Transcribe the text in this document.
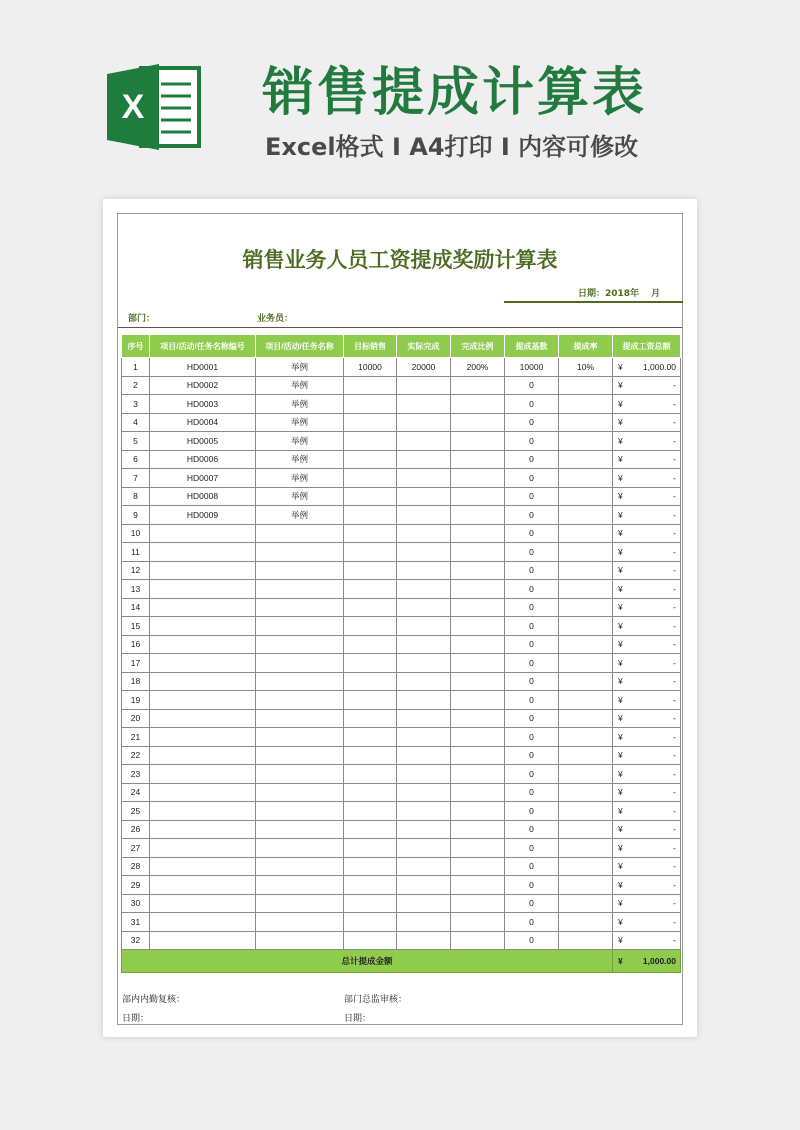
X 销售提成计算表
Excel格式 Ⅰ A4打印 Ⅰ 内容可修改
销售业务人员工资提成奖励计算表
日期：2018年　 月
部门：	业务员：
序号	项目/活动/任务名称编号	项目/活动/任务名称	目标销售	实际完成	完成比例	提成基数	提成率	提成工资总额
1	HD0001	举例	10000	20000	200%	10000	10%	¥ 1,000.00
2	HD0002	举例				0		¥ -
3	HD0003	举例				0		¥ -
4	HD0004	举例				0		¥ -
5	HD0005	举例				0		¥ -
6	HD0006	举例				0		¥ -
7	HD0007	举例				0		¥ -
8	HD0008	举例				0		¥ -
9	HD0009	举例				0		¥ -
10						0		¥ -
11						0		¥ -
12						0		¥ -
13						0		¥ -
14						0		¥ -
15						0		¥ -
16						0		¥ -
17						0		¥ -
18						0		¥ -
19						0		¥ -
20						0		¥ -
21						0		¥ -
22						0		¥ -
23						0		¥ -
24						0		¥ -
25						0		¥ -
26						0		¥ -
27						0		¥ -
28						0		¥ -
29						0		¥ -
30						0		¥ -
31						0		¥ -
32						0		¥ -
总计提成金额								¥ 1,000.00
部内内勤复核：	部门总监审核：
日期：	日期：
